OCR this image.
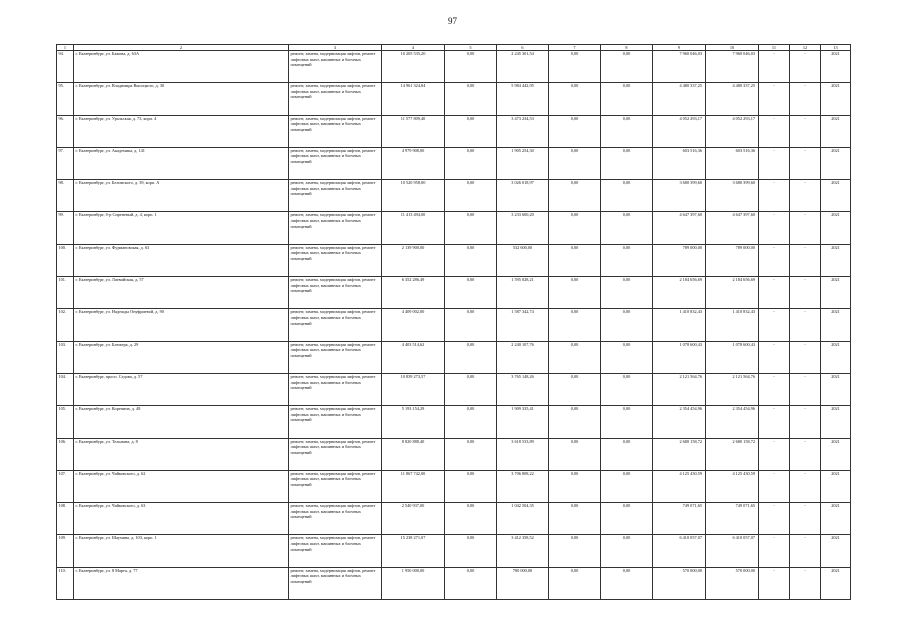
97
1	2	3	4	5	6	7	8	9	10	11	12	13
94.	г. Екатеринбург, ул. Бажова, д. 63А	ремонт, замена, модернизация лифтов, ремонт лифтовых шахт, машинных и блочных помещений	10 205 535,20	0,00	2 245 301,54	0,00	0,00	7 960 046,03	7 960 046,03	-	-	2021
95.	г. Екатеринбург, ул. Владимира Высоцкого, д. 30	ремонт, замена, модернизация лифтов, ремонт лифтовых шахт, машинных и блочных помещений	14 961 324,84	0,00	5 984 442,95	0,00	0,00	4 480 337,25	4 480 337,25	-	-	2021
96.	г. Екатеринбург, ул. Уральская, д. 73, корп. 4	ремонт, замена, модернизация лифтов, ремонт лифтовых шахт, машинных и блочных помещений	11 577 809,40	0,00	3 473 234,53	0,00	0,00	4 052 293,17	4 052 293,17	-	-	2021
97.	г. Екатеринбург, ул. Академика, д. 141	ремонт, замена, модернизация лифтов, ремонт лифтовых шахт, машинных и блочных помещений	4 979 908,00	0,00	1 905 254,30	0,00	0,00	603 516,36	603 516,36	-	-	2021
98.	г. Екатеринбург, ул. Белинского, д. 39, корп. А	ремонт, замена, модернизация лифтов, ремонт лифтовых шахт, машинных и блочных помещений	10 520 958,00	0,00	3 026 018,97	0,00	0,00	3 680 399,60	3 680 399,60	-	-	2021
99.	г. Екатеринбург, б-р Сиреневый, д. 4, корп. 1	ремонт, замена, модернизация лифтов, ремонт лифтовых шахт, машинных и блочных помещений	11 413 494,00	0,00	3 233 600,20	0,00	0,00	4 647 397,60	4 647 397,60	-	-	2021
100.	г. Екатеринбург, ул. Фурмановская, д. 63	ремонт, замена, модернизация лифтов, ремонт лифтовых шахт, машинных и блочных помещений	2 139 900,00	0,00	532 600,00	0,00	0,00	789 000,00	789 000,00	-	-	2021
101.	г. Екатеринбург, ул. Латвийская, д. 57	ремонт, замена, модернизация лифтов, ремонт лифтовых шахт, машинных и блочных помещений	6 352 286,49	0,00	1 595 028,21	0,00	0,00	2 184 656,69	2 184 656,69	-	-	2021
102.	г. Екатеринбург, ул. Надежды Онуфриевой, д. 90	ремонт, замена, модернизация лифтов, ремонт лифтовых шахт, машинных и блочных помещений	4 409 002,00	0,00	1 587 342,74	0,00	0,00	1 410 832,43	1 410 832,43	-	-	2021
103.	г. Екатеринбург, ул. Блюхера, д. 29	ремонт, замена, модернизация лифтов, ремонт лифтовых шахт, машинных и блочных помещений	4 403 514,62	0,00	2 240 107,76	0,00	0,00	1 078 600,43	1 078 600,43	-	-	2021
104.	г. Екатеринбург, просп. Седова, д. 57	ремонт, замена, модернизация лифтов, ремонт лифтовых шахт, машинных и блочных помещений	10 839 273,57	0,00	3 765 148,26	0,00	0,00	2 121 564,76	2 121 564,76	-	-	2021
105.	г. Екатеринбург, ул. Корепина, д. 48	ремонт, замена, модернизация лифтов, ремонт лифтовых шахт, машинных и блочных помещений	5 193 154,29	0,00	1 909 335,41	0,00	0,00	2 354 454,96	2 354 454,96	-	-	2021
106.	г. Екатеринбург, ул. Тельмана, д. 8	ремонт, замена, модернизация лифтов, ремонт лифтовых шахт, машинных и блочных помещений	8 820 888,40	0,00	3 618 533,89	0,00	0,00	2 680 158,72	2 680 158,72	-	-	2021
107.	г. Екатеринбург, ул. Чайковского, д. 62	ремонт, замена, модернизация лифтов, ремонт лифтовых шахт, машинных и блочных помещений	11 867 742,00	0,00	3 706 808,22	0,00	0,00	4 125 430,59	4 125 430,59	-	-	2021
108.	г. Екатеринбург, ул. Чайковского, д. 63	ремонт, замена, модернизация лифтов, ремонт лифтовых шахт, машинных и блочных помещений	2 540 937,00	0,00	1 042 504,35	0,00	0,00	749 071,65	749 071,65	-	-	2021
109.	г. Екатеринбург, ул. Шаумяна, д. 103, корп. 1	ремонт, замена, модернизация лифтов, ремонт лифтовых шахт, машинных и блочных помещений	15 238 271,07	0,00	3 412 358,52	0,00	0,00	6 410 057,07	6 410 057,07	-	-	2021
110.	г. Екатеринбург, ул. 8 Марта, д. 77	ремонт, замена, модернизация лифтов, ремонт лифтовых шахт, машинных и блочных помещений	1 950 000,00	0,00	780 000,00	0,00	0,00	570 000,00	570 000,00	-	-	2021
